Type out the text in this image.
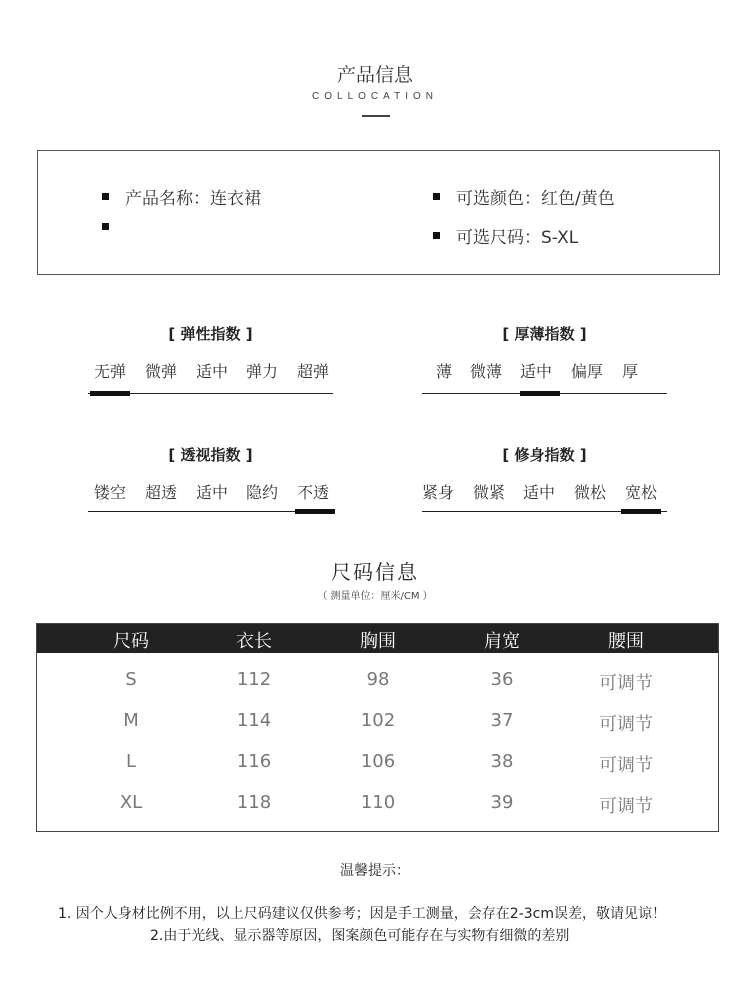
产品信息
COLLOCATION
产品名称：连衣裙	可选颜色：红色/黄色
可选尺码：S-XL
[ 弹性指数 ]
无弹 微弹 适中 弹力 超弹
[ 厚薄指数 ]
薄 微薄 适中 偏厚 厚
[ 透视指数 ]
镂空 超透 适中 隐约 不透
[ 修身指数 ]
紧身 微紧 适中 微松 宽松
尺码信息
（ 测量单位：厘米/CM ）
尺码	衣长	胸围	肩宽	腰围
S	112	98	36	可调节
M	114	102	37	可调节
L	116	106	38	可调节
XL	118	110	39	可调节
温馨提示：
1. 因个人身材比例不用，以上尺码建议仅供参考；因是手工测量，会存在2-3cm误差，敬请见谅！
2.由于光线、显示器等原因，图案颜色可能存在与实物有细微的差别
